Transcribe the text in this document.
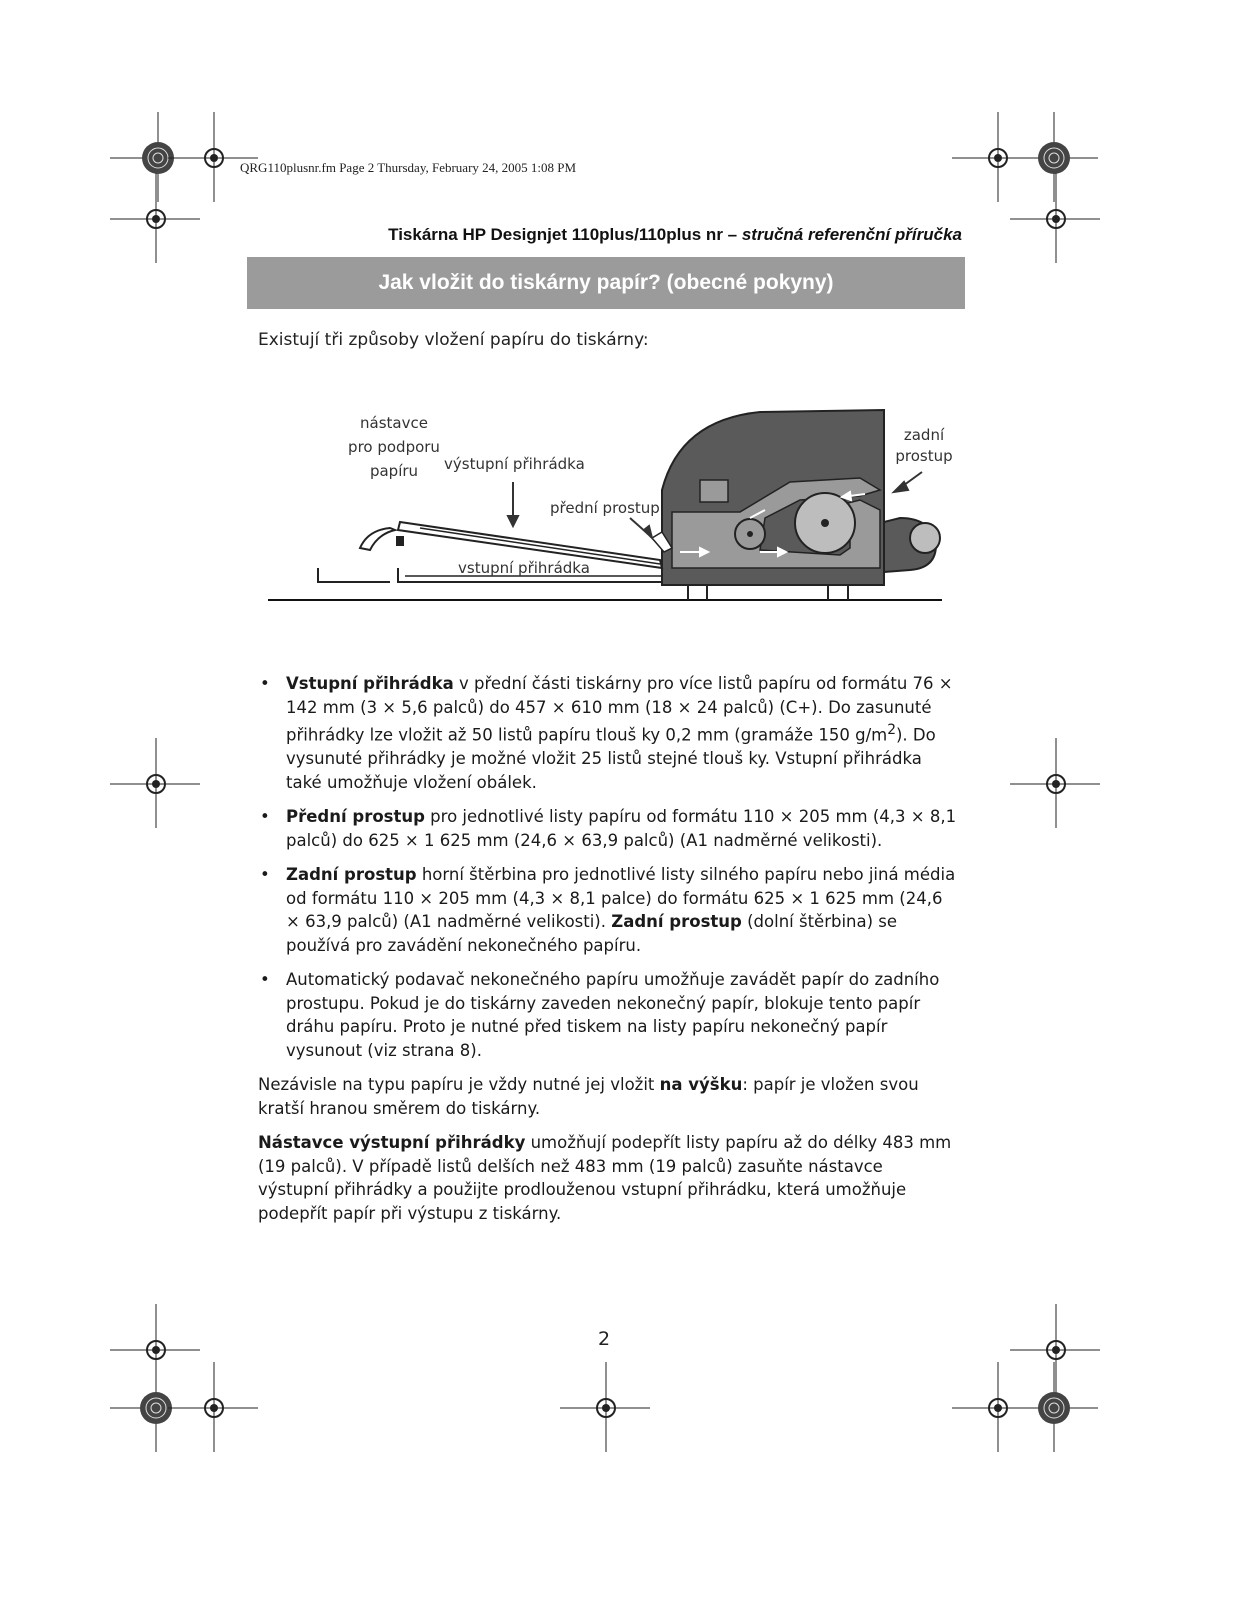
QRG110plusnr.fm Page 2 Thursday, February 24, 2005 1:08 PM
Tiskárna HP Designjet 110plus/110plus nr – stručná referenční příručka
Jak vložit do tiskárny papír? (obecné pokyny)
Existují tři způsoby vložení papíru do tiskárny:
nástavce
pro podporu
papíru výstupní přihrádka
přední prostup
vstupní přihrádka
zadní
prostup
• Vstupní přihrádka v přední části tiskárny pro více listů papíru od formátu 76 × 142 mm (3 × 5,6 palců) do 457 × 610 mm (18 × 24 palců) (C+). Do zasunuté přihrádky lze vložit až 50 listů papíru tlouš ky 0,2 mm (gramáže 150 $g/m^2$). Do vysunuté přihrádky je možné vložit 25 listů stejné tlouš ky. Vstupní přihrádka také umožňuje vložení obálek.
• Přední prostup pro jednotlivé listy papíru od formátu 110 × 205 mm (4,3 × 8,1 palců) do 625 × 1 625 mm (24,6 × 63,9 palců) (A1 nadměrné velikosti).
• Zadní prostup horní štěrbina pro jednotlivé listy silného papíru nebo jiná média od formátu 110 × 205 mm (4,3 × 8,1 palce) do formátu 625 × 1 625 mm (24,6 × 63,9 palců) (A1 nadměrné velikosti). Zadní prostup (dolní štěrbina) se používá pro zavádění nekonečného papíru.
• Automatický podavač nekonečného papíru umožňuje zavádět papír do zadního prostupu. Pokud je do tiskárny zaveden nekonečný papír, blokuje tento papír dráhu papíru. Proto je nutné před tiskem na listy papíru nekonečný papír vysunout (viz strana 8).

Nezávisle na typu papíru je vždy nutné jej vložit na výšku: papír je vložen svou kratší hranou směrem do tiskárny.

Nástavce výstupní přihrádky umožňují podepřít listy papíru až do délky 483 mm (19 palců). V případě listů delších než 483 mm (19 palců) zasuňte nástavce výstupní přihrádky a použijte prodlouženou vstupní přihrádku, která umožňuje podepřít papír při výstupu z tiskárny.

2
